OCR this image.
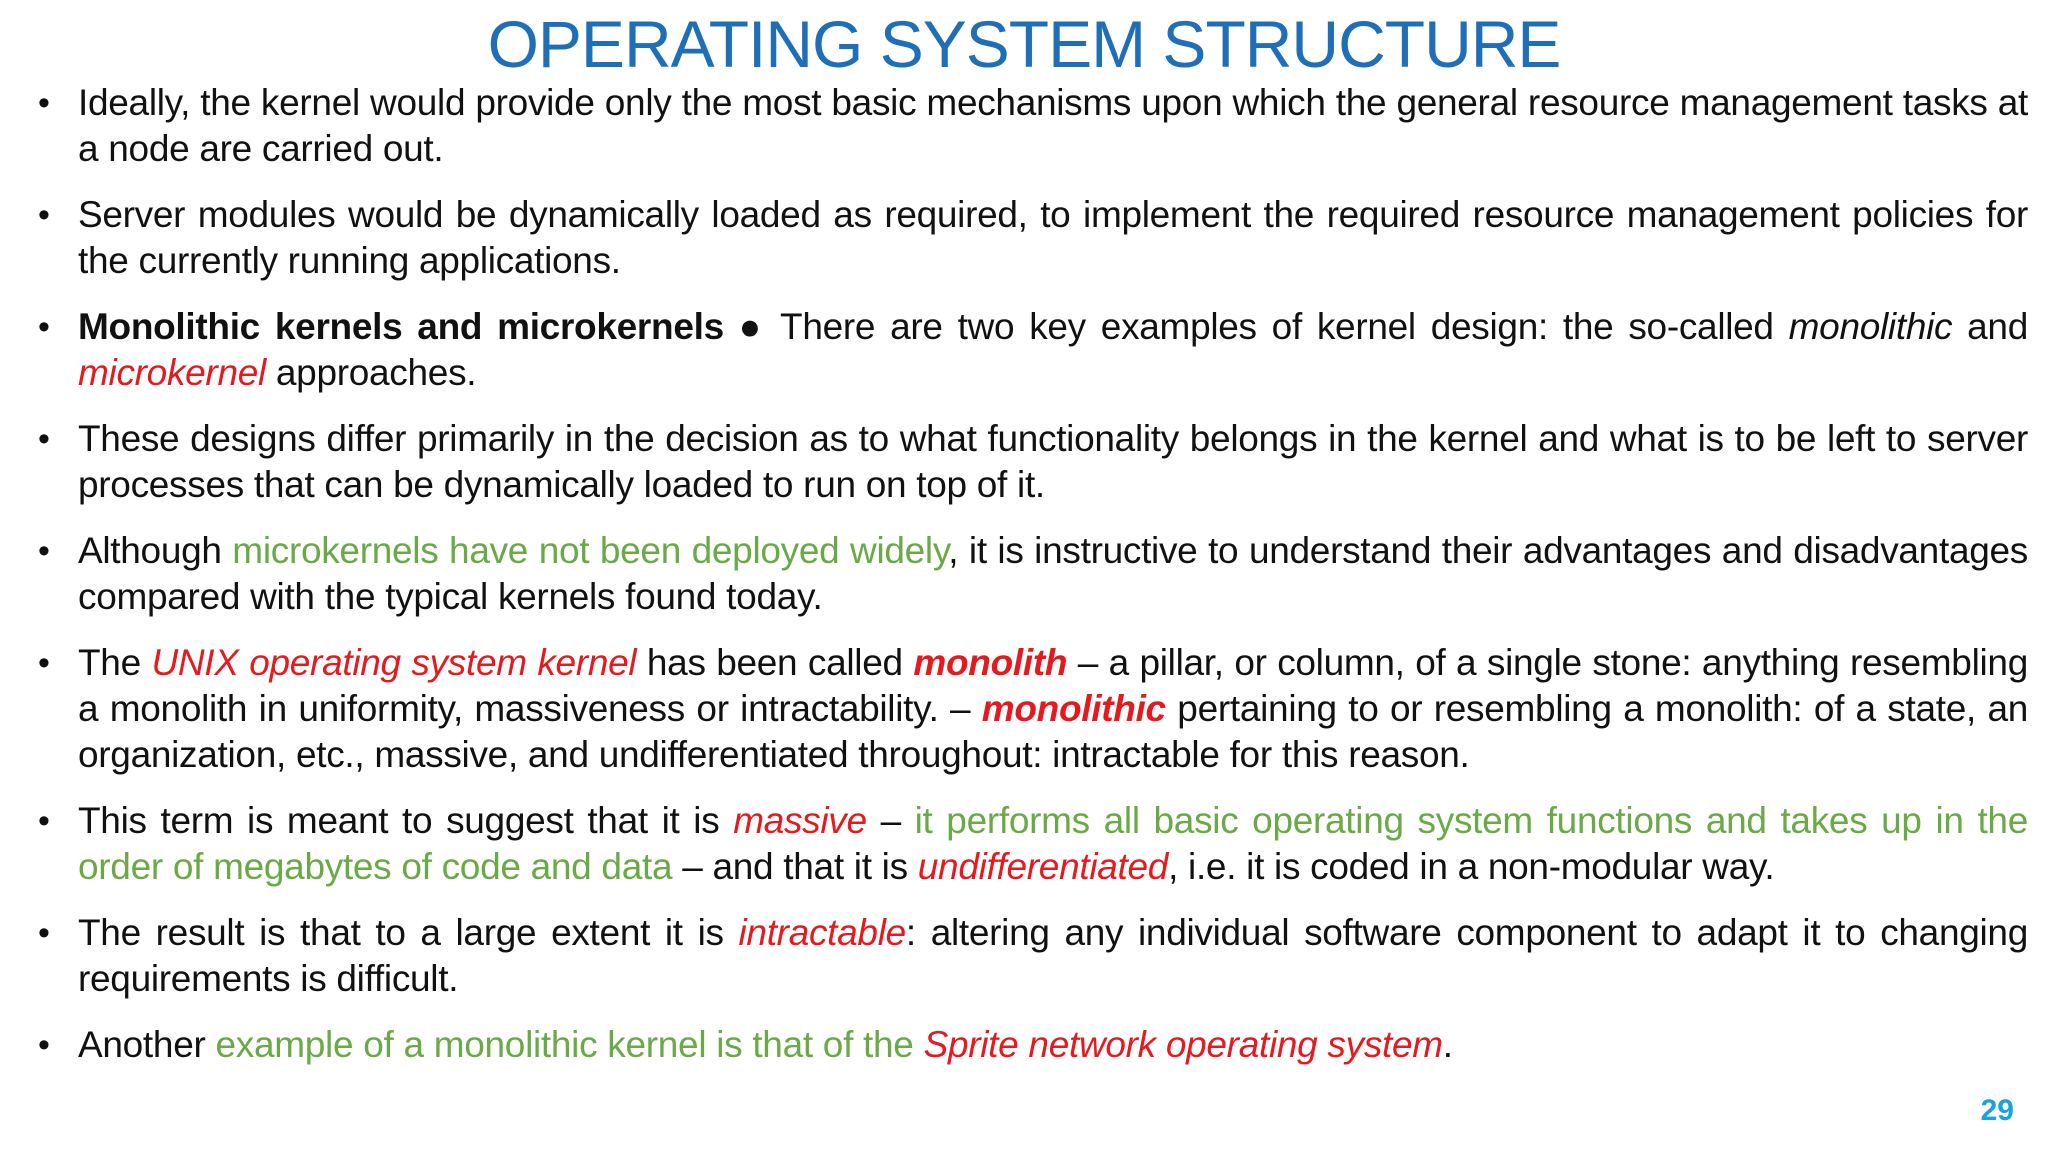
OPERATING SYSTEM STRUCTURE
• Ideally, the kernel would provide only the most basic mechanisms upon which the general resource management tasks at a node are carried out.
• Server modules would be dynamically loaded as required, to implement the required resource management policies for the currently running applications.
• Monolithic kernels and microkernels ● There are two key examples of kernel design: the so-called monolithic and microkernel approaches.
• These designs differ primarily in the decision as to what functionality belongs in the kernel and what is to be left to server processes that can be dynamically loaded to run on top of it.
• Although microkernels have not been deployed widely, it is instructive to understand their advantages and disadvantages compared with the typical kernels found today.
• The UNIX operating system kernel has been called monolith – a pillar, or column, of a single stone: anything resembling a monolith in uniformity, massiveness or intractability. – monolithic pertaining to or resembling a monolith: of a state, an organization, etc., massive, and undifferentiated throughout: intractable for this reason.
• This term is meant to suggest that it is massive – it performs all basic operating system functions and takes up in the order of megabytes of code and data – and that it is undifferentiated, i.e. it is coded in a non-modular way.
• The result is that to a large extent it is intractable: altering any individual software component to adapt it to changing requirements is difficult.
• Another example of a monolithic kernel is that of the Sprite network operating system.
29
